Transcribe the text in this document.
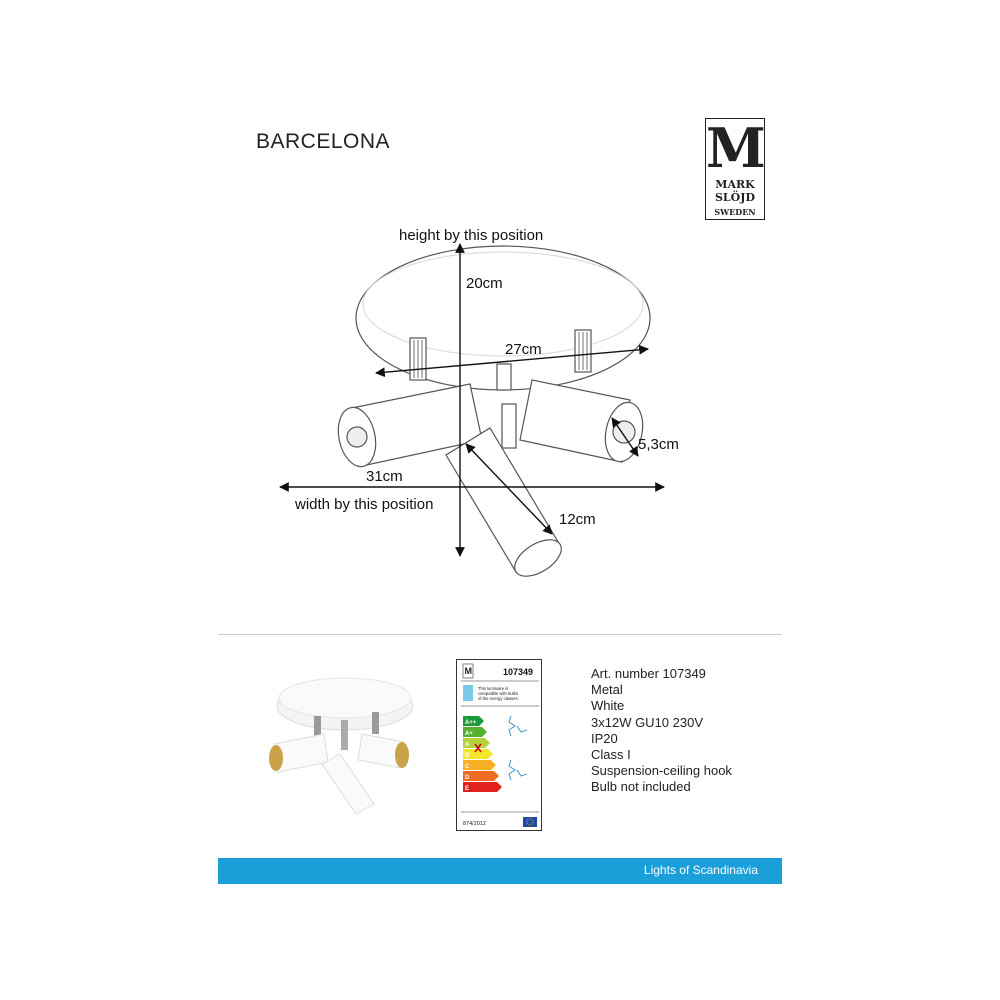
BARCELONA	M
MARK
SLÖJD
SWEDEN
height by this position
20cm
27cm
5,3cm
31cm
width by this position
12cm
M	107349
This luminaire is
compatible with bulbs
of the energy classes:
A++
A+
A
B
C
D
E
874/2012
Art. number 107349
Metal
White
3x12W GU10 230V
IP20
Class I
Suspension-ceiling hook
Bulb not included
Lights of Scandinavia
